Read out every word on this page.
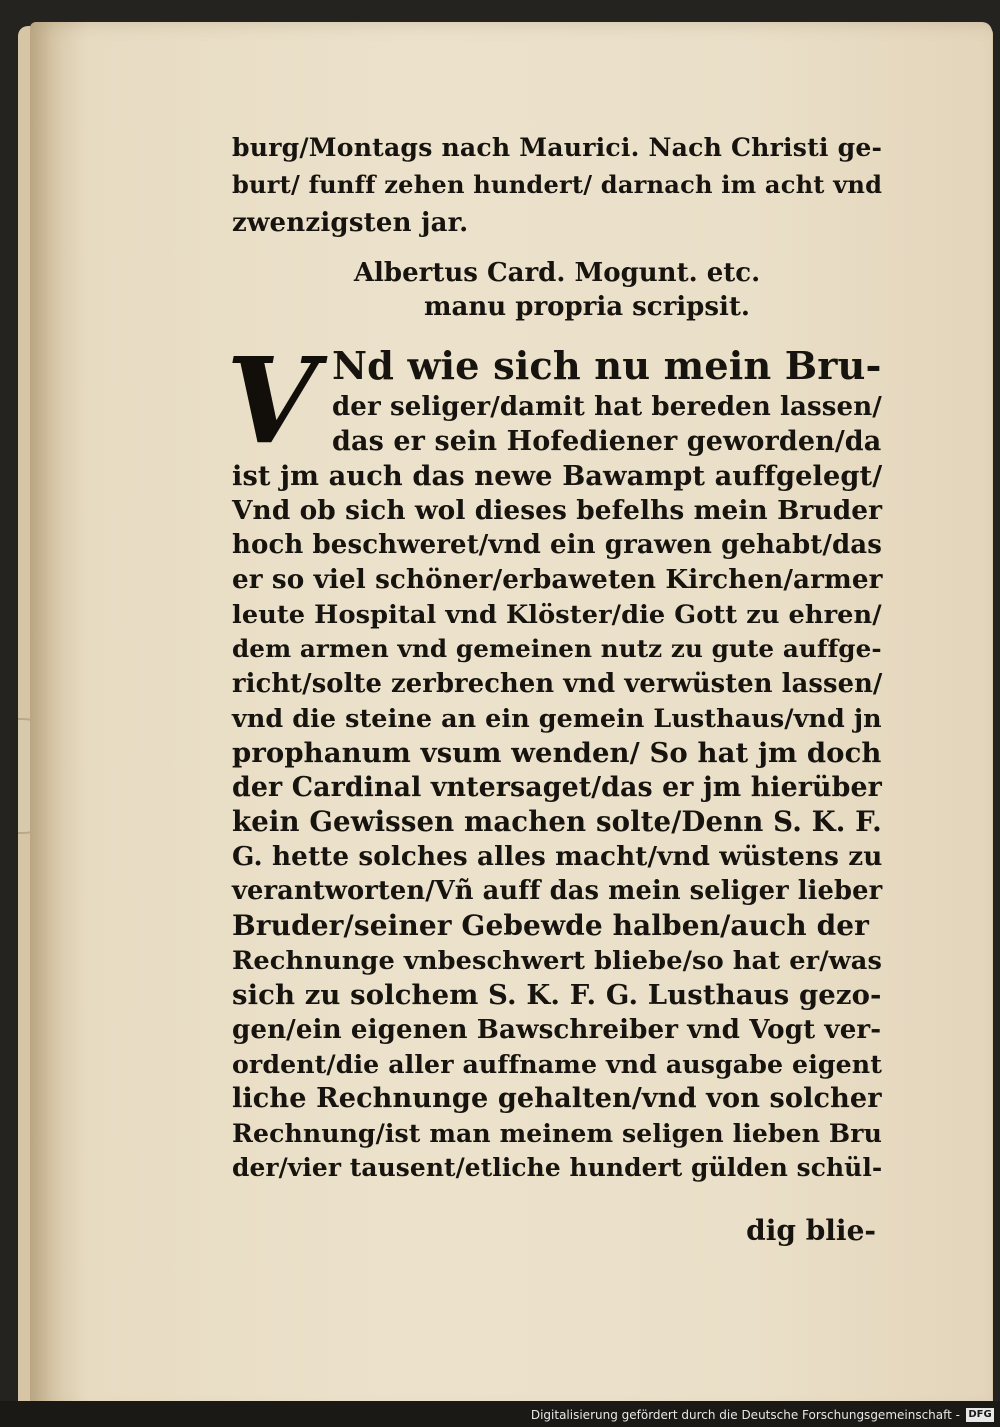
burg/Montags nach Maurici. Nach Christi ge-

burt/ funff zehen hundert/ darnach im acht vnd

zwenzigsten jar.

Albertus Card. Mogunt. etc.
manu propria scripsit.
V Nd wie sich nu mein Bru-

der seliger/damit hat bereden lassen/

das er sein Hofediener geworden/da

ist jm auch das newe Bawampt auffgelegt/

Vnd ob sich wol dieses befelhs mein Bruder

hoch beschweret/vnd ein grawen gehabt/das

er so viel schöner/erbaweten Kirchen/armer

leute Hospital vnd Klöster/die Gott zu ehren/

dem armen vnd gemeinen nutz zu gute auffge-

richt/solte zerbrechen vnd verwüsten lassen/

vnd die steine an ein gemein Lusthaus/vnd jn

prophanum vsum wenden/ So hat jm doch

der Cardinal vntersaget/das er jm hierüber

kein Gewissen machen solte/Denn S. K. F.

G. hette solches alles macht/vnd wüstens zu

verantworten/Vñ auff das mein seliger lieber

Bruder/seiner Gebewde halben/auch der

Rechnunge vnbeschwert bliebe/so hat er/was

sich zu solchem S. K. F. G. Lusthaus gezo-

gen/ein eigenen Bawschreiber vnd Vogt ver-

ordent/die aller auffname vnd ausgabe eigent

liche Rechnunge gehalten/vnd von solcher

Rechnung/ist man meinem seligen lieben Bru

der/vier tausent/etliche hundert gülden schül-

dig blie-

Digitalisierung gefördert durch die Deutsche Forschungsgemeinschaft - DFG
